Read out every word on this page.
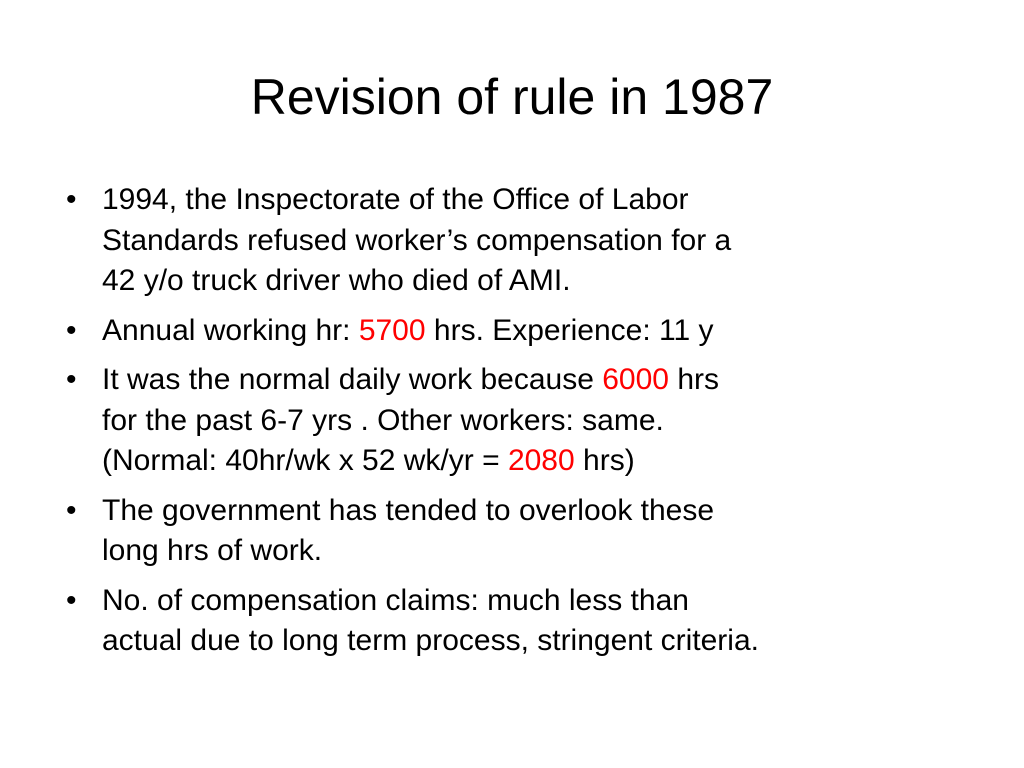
Revision of rule in 1987
• 1994, the Inspectorate of the Office of Labor
Standards refused worker’s compensation for a
42 y/o truck driver who died of AMI.
• Annual working hr: 5700 hrs. Experience: 11 y
• It was the normal daily work because 6000 hrs
for the past 6-7 yrs . Other workers: same.
(Normal: 40hr/wk x 52 wk/yr = 2080 hrs)
• The government has tended to overlook these
long hrs of work.
• No. of compensation claims: much less than
actual due to long term process, stringent criteria.
